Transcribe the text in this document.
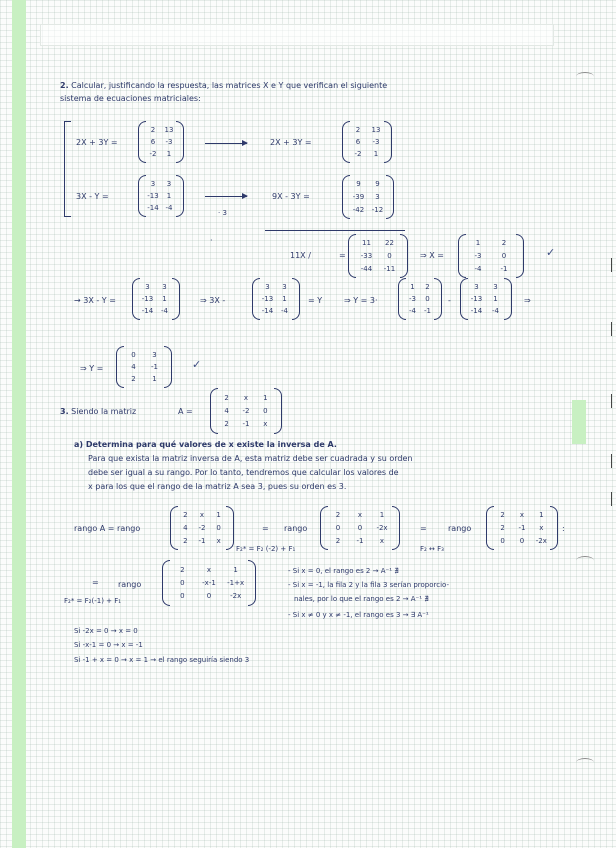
2. Calcular, justificando la respuesta, las matrices X e Y que verifican el siguiente
sistema de ecuaciones matriciales:
2X + 3Y =
2 13
6 -3
-2 1
2X + 3Y =
2 13
6 -3
-2 1
3X - Y =
3 3
-13 1
-14 -4
· 3
9X - 3Y =
9 9
-39 3
-42 -12
·
11X /	=
11 22
-33 0
-44 -11
⇒ X =
1	2
-3	0
-4	-1
✓
→ 3X - Y =
3 3
-13 1
-14 -4
⇒ 3X -
3 3
-13 1
-14 -4
= Y	⇒ Y = 3·
1 2
-3 0
-4 -1
-
3 3
-13 1
-14 -4
⇒
⇒ Y =
0 3
4 -1
2 1
✓
3. Siendo la matriz	A =
2 x 1
4 -2 0
2 -1 x
a) Determina para qué valores de x existe la inversa de A.
Para que exista la matriz inversa de A, esta matriz debe ser cuadrada y su orden
debe ser igual a su rango. Por lo tanto, tendremos que calcular los valores de
x para los que el rango de la matriz A sea 3, pues su orden es 3.
rango A = rango
2 x 1
4 -2 0
2 -1 x
F₂* = F₂ (-2) + F₁
= rango
2	x	1
0	0 -2x
2 -1 x
=
F₂ ↔ F₃
rango
2 x 1
2 -1 x
0 0 -2x
:
= rango
F₂* = F₂(-1) + F₁
2	x	1
0	-x-1 -1+x
0	0	-2x
- Si x = 0, el rango es 2 → A⁻¹ ∄
- Si x = -1, la fila 2 y la fila 3 serían proporcio-
nales, por lo que el rango es 2 → A⁻¹ ∄
- Si x ≠ 0 y x ≠ -1, el rango es 3 → ∃ A⁻¹
Si -2x = 0 → x = 0
Si -x-1 = 0 → x = -1
Si -1 + x = 0 → x = 1 → el rango seguiría siendo 3
